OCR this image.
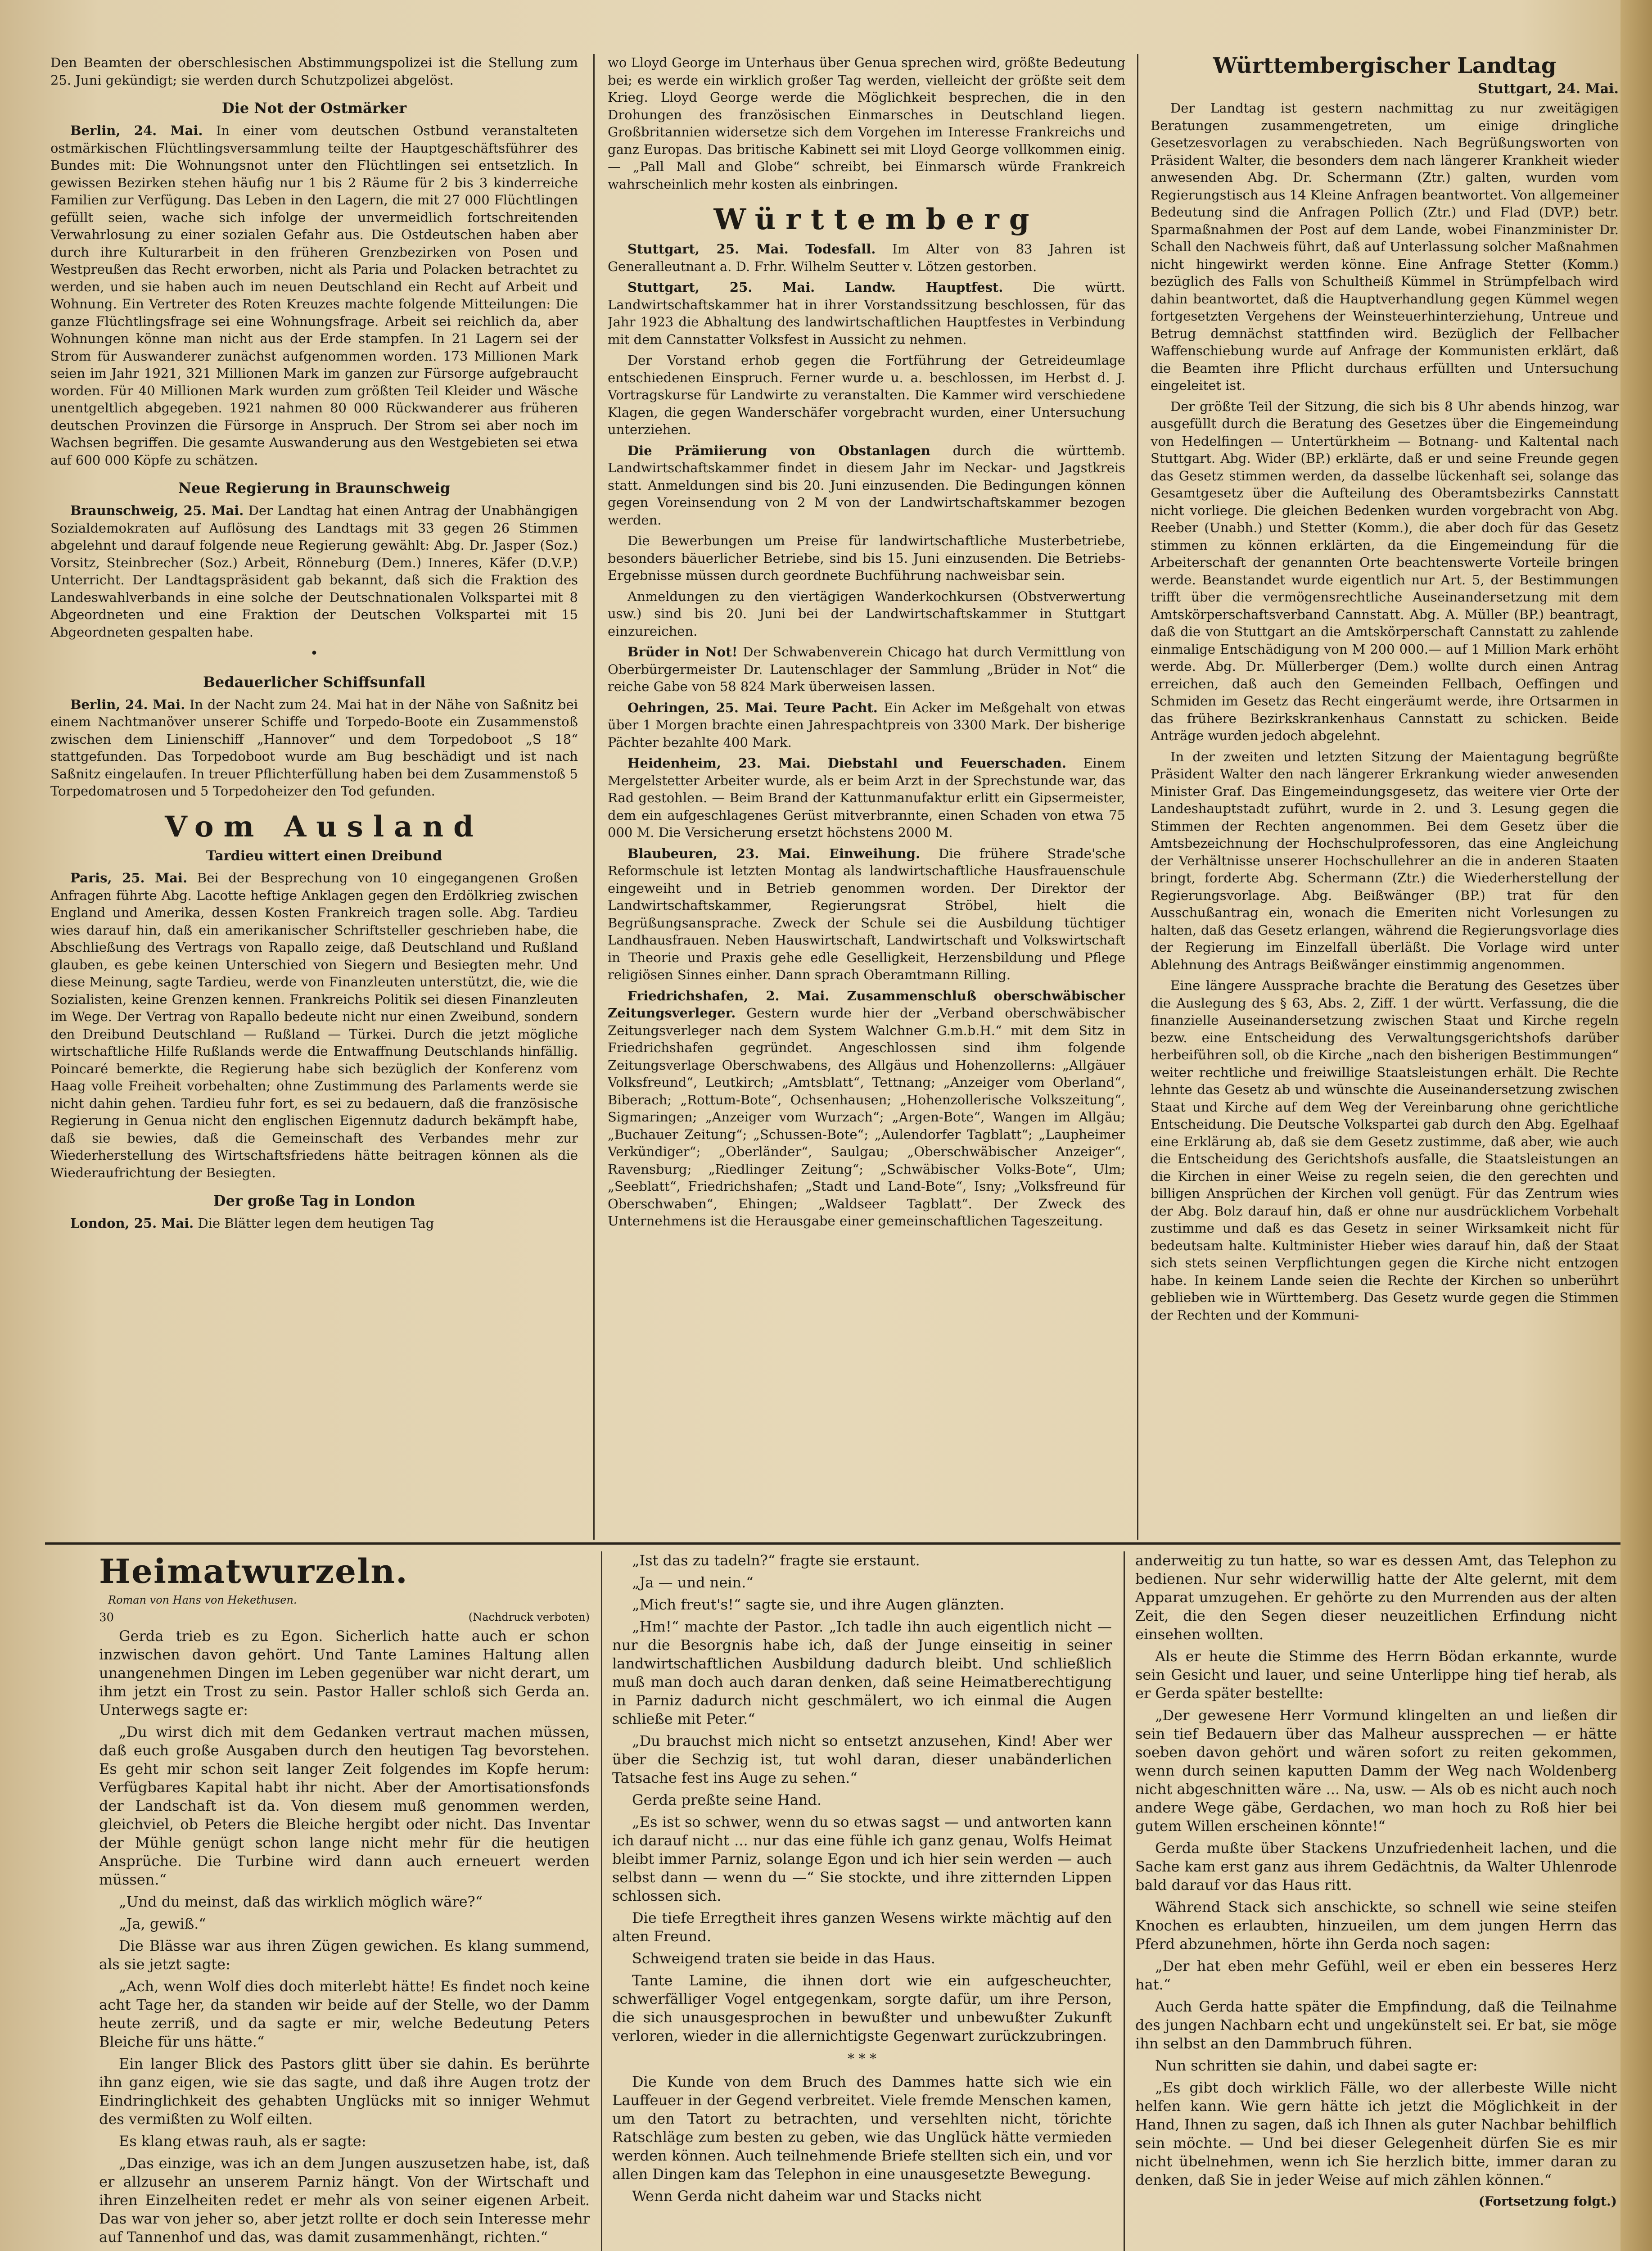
Den Beamten der oberschlesischen Abstimmungspolizei ist die Stellung zum 25. Juni gekündigt; sie werden durch Schutzpolizei abgelöst.

Die Not der Ostmärker

Berlin, 24. Mai. In einer vom deutschen Ostbund veranstalteten ostmärkischen Flüchtlingsversammlung teilte der Hauptgeschäftsführer des Bundes mit: Die Wohnungsnot unter den Flüchtlingen sei entsetzlich. In gewissen Bezirken stehen häufig nur 1 bis 2 Räume für 2 bis 3 kinderreiche Familien zur Verfügung. Das Leben in den Lagern, die mit 27 000 Flüchtlingen gefüllt seien, wache sich infolge der unvermeidlich fortschreitenden Verwahrlosung zu einer sozialen Gefahr aus. Die Ostdeutschen haben aber durch ihre Kulturarbeit in den früheren Grenzbezirken von Posen und Westpreußen das Recht erworben, nicht als Paria und Polacken betrachtet zu werden, und sie haben auch im neuen Deutschland ein Recht auf Arbeit und Wohnung. Ein Vertreter des Roten Kreuzes machte folgende Mitteilungen: Die ganze Flüchtlingsfrage sei eine Wohnungsfrage. Arbeit sei reichlich da, aber Wohnungen könne man nicht aus der Erde stampfen. In 21 Lagern sei der Strom für Auswanderer zunächst aufgenommen worden. 173 Millionen Mark seien im Jahr 1921, 321 Millionen Mark im ganzen zur Fürsorge aufgebraucht worden. Für 40 Millionen Mark wurden zum größten Teil Kleider und Wäsche unentgeltlich abgegeben. 1921 nahmen 80 000 Rückwanderer aus früheren deutschen Provinzen die Fürsorge in Anspruch. Der Strom sei aber noch im Wachsen begriffen. Die gesamte Auswanderung aus den Westgebieten sei etwa auf 600 000 Köpfe zu schätzen.

Neue Regierung in Braunschweig

Braunschweig, 25. Mai. Der Landtag hat einen Antrag der Unabhängigen Sozialdemokraten auf Auflösung des Landtags mit 33 gegen 26 Stimmen abgelehnt und darauf folgende neue Regierung gewählt: Abg. Dr. Jasper (Soz.) Vorsitz, Steinbrecher (Soz.) Arbeit, Rönneburg (Dem.) Inneres, Käfer (D.V.P.) Unterricht. Der Landtagspräsident gab bekannt, daß sich die Fraktion des Landeswahlverbands in eine solche der Deutschnationalen Volkspartei mit 8 Abgeordneten und eine Fraktion der Deutschen Volkspartei mit 15 Abgeordneten gespalten habe.

•

Bedauerlicher Schiffsunfall

Berlin, 24. Mai. In der Nacht zum 24. Mai hat in der Nähe von Saßnitz bei einem Nachtmanöver unserer Schiffe und Torpedo-Boote ein Zusammenstoß zwischen dem Linienschiff „Hannover“ und dem Torpedoboot „S 18“ stattgefunden. Das Torpedoboot wurde am Bug beschädigt und ist nach Saßnitz eingelaufen. In treuer Pflichterfüllung haben bei dem Zusammenstoß 5 Torpedomatrosen und 5 Torpedoheizer den Tod gefunden.

Vom Ausland

Tardieu wittert einen Dreibund

Paris, 25. Mai. Bei der Besprechung von 10 eingegangenen Großen Anfragen führte Abg. Lacotte heftige Anklagen gegen den Erdölkrieg zwischen England und Amerika, dessen Kosten Frankreich tragen solle. Abg. Tardieu wies darauf hin, daß ein amerikanischer Schriftsteller geschrieben habe, die Abschließung des Vertrags von Rapallo zeige, daß Deutschland und Rußland glauben, es gebe keinen Unterschied von Siegern und Besiegten mehr. Und diese Meinung, sagte Tardieu, werde von Finanzleuten unterstützt, die, wie die Sozialisten, keine Grenzen kennen. Frankreichs Politik sei diesen Finanzleuten im Wege. Der Vertrag von Rapallo bedeute nicht nur einen Zweibund, sondern den Dreibund Deutschland — Rußland — Türkei. Durch die jetzt mögliche wirtschaftliche Hilfe Rußlands werde die Entwaffnung Deutschlands hinfällig. Poincaré bemerkte, die Regierung habe sich bezüglich der Konferenz vom Haag volle Freiheit vorbehalten; ohne Zustimmung des Parlaments werde sie nicht dahin gehen. Tardieu fuhr fort, es sei zu bedauern, daß die französische Regierung in Genua nicht den englischen Eigennutz dadurch bekämpft habe, daß sie bewies, daß die Gemeinschaft des Verbandes mehr zur Wiederherstellung des Wirtschaftsfriedens hätte beitragen können als die Wiederaufrichtung der Besiegten.

Der große Tag in London

London, 25. Mai. Die Blätter legen dem heutigen Tag

wo Lloyd George im Unterhaus über Genua sprechen wird, größte Bedeutung bei; es werde ein wirklich großer Tag werden, vielleicht der größte seit dem Krieg. Lloyd George werde die Möglichkeit besprechen, die in den Drohungen des französischen Einmarsches in Deutschland liegen. Großbritannien widersetze sich dem Vorgehen im Interesse Frankreichs und ganz Europas. Das britische Kabinett sei mit Lloyd George vollkommen einig. — „Pall Mall and Globe“ schreibt, bei Einmarsch würde Frankreich wahrscheinlich mehr kosten als einbringen.

Württemberg

Stuttgart, 25. Mai. Todesfall. Im Alter von 83 Jahren ist Generalleutnant a. D. Frhr. Wilhelm Seutter v. Lötzen gestorben.

Stuttgart, 25. Mai. Landw. Hauptfest. Die württ. Landwirtschaftskammer hat in ihrer Vorstandssitzung beschlossen, für das Jahr 1923 die Abhaltung des landwirtschaftlichen Hauptfestes in Verbindung mit dem Cannstatter Volksfest in Aussicht zu nehmen.

Der Vorstand erhob gegen die Fortführung der Getreideumlage entschiedenen Einspruch. Ferner wurde u. a. beschlossen, im Herbst d. J. Vortragskurse für Landwirte zu veranstalten. Die Kammer wird verschiedene Klagen, die gegen Wanderschäfer vorgebracht wurden, einer Untersuchung unterziehen.

Die Prämiierung von Obstanlagen durch die württemb. Landwirtschaftskammer findet in diesem Jahr im Neckar- und Jagstkreis statt. Anmeldungen sind bis 20. Juni einzusenden. Die Bedingungen können gegen Voreinsendung von 2 M von der Landwirtschaftskammer bezogen werden.

Die Bewerbungen um Preise für landwirtschaftliche Musterbetriebe, besonders bäuerlicher Betriebe, sind bis 15. Juni einzusenden. Die Betriebs-Ergebnisse müssen durch geordnete Buchführung nachweisbar sein.

Anmeldungen zu den viertägigen Wanderkochkursen (Obstverwertung usw.) sind bis 20. Juni bei der Landwirtschaftskammer in Stuttgart einzureichen.

Brüder in Not! Der Schwabenverein Chicago hat durch Vermittlung von Oberbürgermeister Dr. Lautenschlager der Sammlung „Brüder in Not“ die reiche Gabe von 58 824 Mark überweisen lassen.

Oehringen, 25. Mai. Teure Pacht. Ein Acker im Meßgehalt von etwas über 1 Morgen brachte einen Jahrespachtpreis von 3300 Mark. Der bisherige Pächter bezahlte 400 Mark.

Heidenheim, 23. Mai. Diebstahl und Feuerschaden. Einem Mergelstetter Arbeiter wurde, als er beim Arzt in der Sprechstunde war, das Rad gestohlen. — Beim Brand der Kattunmanufaktur erlitt ein Gipsermeister, dem ein aufgeschlagenes Gerüst mitverbrannte, einen Schaden von etwa 75 000 M. Die Versicherung ersetzt höchstens 2000 M.

Blaubeuren, 23. Mai. Einweihung. Die frühere Strade'sche Reformschule ist letzten Montag als landwirtschaftliche Hausfrauenschule eingeweiht und in Betrieb genommen worden. Der Direktor der Landwirtschaftskammer, Regierungsrat Ströbel, hielt die Begrüßungsansprache. Zweck der Schule sei die Ausbildung tüchtiger Landhausfrauen. Neben Hauswirtschaft, Landwirtschaft und Volkswirtschaft in Theorie und Praxis gehe edle Geselligkeit, Herzensbildung und Pflege religiösen Sinnes einher. Dann sprach Oberamtmann Rilling.

Friedrichshafen, 2. Mai. Zusammenschluß oberschwäbischer Zeitungsverleger. Gestern wurde hier der „Verband oberschwäbischer Zeitungsverleger nach dem System Walchner G.m.b.H.“ mit dem Sitz in Friedrichshafen gegründet. Angeschlossen sind ihm folgende Zeitungsverlage Oberschwabens, des Allgäus und Hohenzollerns: „Allgäuer Volksfreund“, Leutkirch; „Amtsblatt“, Tettnang; „Anzeiger vom Oberland“, Biberach; „Rottum-Bote“, Ochsenhausen; „Hohenzollerische Volkszeitung“, Sigmaringen; „Anzeiger vom Wurzach“; „Argen-Bote“, Wangen im Allgäu; „Buchauer Zeitung“; „Schussen-Bote“; „Aulendorfer Tagblatt“; „Laupheimer Verkündiger“; „Oberländer“, Saulgau; „Oberschwäbischer Anzeiger“, Ravensburg; „Riedlinger Zeitung“; „Schwäbischer Volks-Bote“, Ulm; „Seeblatt“, Friedrichshafen; „Stadt und Land-Bote“, Isny; „Volksfreund für Oberschwaben“, Ehingen; „Waldseer Tagblatt“. Der Zweck des Unternehmens ist die Herausgabe einer gemeinschaftlichen Tageszeitung.

Württembergischer Landtag
Stuttgart, 24. Mai.

Der Landtag ist gestern nachmittag zu nur zweitägigen Beratungen zusammengetreten, um einige dringliche Gesetzesvorlagen zu verabschieden. Nach Begrüßungsworten von Präsident Walter, die besonders dem nach längerer Krankheit wieder anwesenden Abg. Dr. Schermann (Ztr.) galten, wurden vom Regierungstisch aus 14 Kleine Anfragen beantwortet. Von allgemeiner Bedeutung sind die Anfragen Pollich (Ztr.) und Flad (DVP.) betr. Sparmaßnahmen der Post auf dem Lande, wobei Finanzminister Dr. Schall den Nachweis führt, daß auf Unterlassung solcher Maßnahmen nicht hingewirkt werden könne. Eine Anfrage Stetter (Komm.) bezüglich des Falls von Schultheiß Kümmel in Strümpfelbach wird dahin beantwortet, daß die Hauptverhandlung gegen Kümmel wegen fortgesetzten Vergehens der Weinsteuerhinterziehung, Untreue und Betrug demnächst stattfinden wird. Bezüglich der Fellbacher Waffenschiebung wurde auf Anfrage der Kommunisten erklärt, daß die Beamten ihre Pflicht durchaus erfüllten und Untersuchung eingeleitet ist.

Der größte Teil der Sitzung, die sich bis 8 Uhr abends hinzog, war ausgefüllt durch die Beratung des Gesetzes über die Eingemeindung von Hedelfingen — Untertürkheim — Botnang- und Kaltental nach Stuttgart. Abg. Wider (BP.) erklärte, daß er und seine Freunde gegen das Gesetz stimmen werden, da dasselbe lückenhaft sei, solange das Gesamtgesetz über die Aufteilung des Oberamtsbezirks Cannstatt nicht vorliege. Die gleichen Bedenken wurden vorgebracht von Abg. Reeber (Unabh.) und Stetter (Komm.), die aber doch für das Gesetz stimmen zu können erklärten, da die Eingemeindung für die Arbeiterschaft der genannten Orte beachtenswerte Vorteile bringen werde. Beanstandet wurde eigentlich nur Art. 5, der Bestimmungen trifft über die vermögensrechtliche Auseinandersetzung mit dem Amtskörperschaftsverband Cannstatt. Abg. A. Müller (BP.) beantragt, daß die von Stuttgart an die Amtskörperschaft Cannstatt zu zahlende einmalige Entschädigung von M 200 000.— auf 1 Million Mark erhöht werde. Abg. Dr. Müllerberger (Dem.) wollte durch einen Antrag erreichen, daß auch den Gemeinden Fellbach, Oeffingen und Schmiden im Gesetz das Recht eingeräumt werde, ihre Ortsarmen in das frühere Bezirkskrankenhaus Cannstatt zu schicken. Beide Anträge wurden jedoch abgelehnt.

In der zweiten und letzten Sitzung der Maientagung begrüßte Präsident Walter den nach längerer Erkrankung wieder anwesenden Minister Graf. Das Eingemeindungsgesetz, das weitere vier Orte der Landeshauptstadt zuführt, wurde in 2. und 3. Lesung gegen die Stimmen der Rechten angenommen. Bei dem Gesetz über die Amtsbezeichnung der Hochschulprofessoren, das eine Angleichung der Verhältnisse unserer Hochschullehrer an die in anderen Staaten bringt, forderte Abg. Schermann (Ztr.) die Wiederherstellung der Regierungsvorlage. Abg. Beißwänger (BP.) trat für den Ausschußantrag ein, wonach die Emeriten nicht Vorlesungen zu halten, daß das Gesetz erlangen, während die Regierungsvorlage dies der Regierung im Einzelfall überläßt. Die Vorlage wird unter Ablehnung des Antrags Beißwänger einstimmig angenommen.

Eine längere Aussprache brachte die Beratung des Gesetzes über die Auslegung des § 63, Abs. 2, Ziff. 1 der württ. Verfassung, die die finanzielle Auseinandersetzung zwischen Staat und Kirche regeln bezw. eine Entscheidung des Verwaltungsgerichtshofs darüber herbeiführen soll, ob die Kirche „nach den bisherigen Bestimmungen“ weiter rechtliche und freiwillige Staatsleistungen erhält. Die Rechte lehnte das Gesetz ab und wünschte die Auseinandersetzung zwischen Staat und Kirche auf dem Weg der Vereinbarung ohne gerichtliche Entscheidung. Die Deutsche Volkspartei gab durch den Abg. Egelhaaf eine Erklärung ab, daß sie dem Gesetz zustimme, daß aber, wie auch die Entscheidung des Gerichtshofs ausfalle, die Staatsleistungen an die Kirchen in einer Weise zu regeln seien, die den gerechten und billigen Ansprüchen der Kirchen voll genügt. Für das Zentrum wies der Abg. Bolz darauf hin, daß er ohne nur ausdrücklichem Vorbehalt zustimme und daß es das Gesetz in seiner Wirksamkeit nicht für bedeutsam halte. Kultminister Hieber wies darauf hin, daß der Staat sich stets seinen Verpflichtungen gegen die Kirche nicht entzogen habe. In keinem Lande seien die Rechte der Kirchen so unberührt geblieben wie in Württemberg. Das Gesetz wurde gegen die Stimmen der Rechten und der Kommuni-

Heimatwurzeln.
Roman von Hans von Hekethusen.
30	(Nachdruck verboten)

Gerda trieb es zu Egon. Sicherlich hatte auch er schon inzwischen davon gehört. Und Tante Lamines Haltung allen unangenehmen Dingen im Leben gegenüber war nicht derart, um ihm jetzt ein Trost zu sein. Pastor Haller schloß sich Gerda an. Unterwegs sagte er:

„Du wirst dich mit dem Gedanken vertraut machen müssen, daß euch große Ausgaben durch den heutigen Tag bevorstehen. Es geht mir schon seit langer Zeit folgendes im Kopfe herum: Verfügbares Kapital habt ihr nicht. Aber der Amortisationsfonds der Landschaft ist da. Von diesem muß genommen werden, gleichviel, ob Peters die Bleiche hergibt oder nicht. Das Inventar der Mühle genügt schon lange nicht mehr für die heutigen Ansprüche. Die Turbine wird dann auch erneuert werden müssen.“

„Und du meinst, daß das wirklich möglich wäre?“

„Ja, gewiß.“

Die Blässe war aus ihren Zügen gewichen. Es klang summend, als sie jetzt sagte:

„Ach, wenn Wolf dies doch miterlebt hätte! Es findet noch keine acht Tage her, da standen wir beide auf der Stelle, wo der Damm heute zerriß, und da sagte er mir, welche Bedeutung Peters Bleiche für uns hätte.“

Ein langer Blick des Pastors glitt über sie dahin. Es berührte ihn ganz eigen, wie sie das sagte, und daß ihre Augen trotz der Eindringlichkeit des gehabten Unglücks mit so inniger Wehmut des vermißten zu Wolf eilten.

Es klang etwas rauh, als er sagte:

„Das einzige, was ich an dem Jungen auszusetzen habe, ist, daß er allzusehr an unserem Parniz hängt. Von der Wirtschaft und ihren Einzelheiten redet er mehr als von seiner eigenen Arbeit. Das war von jeher so, aber jetzt rollte er doch sein Interesse mehr auf Tannenhof und das, was damit zusammenhängt, richten.“

„Ist das zu tadeln?“ fragte sie erstaunt.

„Ja — und nein.“

„Mich freut's!“ sagte sie, und ihre Augen glänzten.

„Hm!“ machte der Pastor. „Ich tadle ihn auch eigentlich nicht — nur die Besorgnis habe ich, daß der Junge einseitig in seiner landwirtschaftlichen Ausbildung dadurch bleibt. Und schließlich muß man doch auch daran denken, daß seine Heimatberechtigung in Parniz dadurch nicht geschmälert, wo ich einmal die Augen schließe mit Peter.“

„Du brauchst mich nicht so entsetzt anzusehen, Kind! Aber wer über die Sechzig ist, tut wohl daran, dieser unabänderlichen Tatsache fest ins Auge zu sehen.“

Gerda preßte seine Hand.

„Es ist so schwer, wenn du so etwas sagst — und antworten kann ich darauf nicht ... nur das eine fühle ich ganz genau, Wolfs Heimat bleibt immer Parniz, solange Egon und ich hier sein werden — auch selbst dann — wenn du —“ Sie stockte, und ihre zitternden Lippen schlossen sich.

Die tiefe Erregtheit ihres ganzen Wesens wirkte mächtig auf den alten Freund.

Schweigend traten sie beide in das Haus.

Tante Lamine, die ihnen dort wie ein aufgescheuchter, schwerfälliger Vogel entgegenkam, sorgte dafür, um ihre Person, die sich unausgesprochen in bewußter und unbewußter Zukunft verloren, wieder in die allernichtigste Gegenwart zurückzubringen.

* * *

Die Kunde von dem Bruch des Dammes hatte sich wie ein Lauffeuer in der Gegend verbreitet. Viele fremde Menschen kamen, um den Tatort zu betrachten, und versehlten nicht, törichte Ratschläge zum besten zu geben, wie das Unglück hätte vermieden werden können. Auch teilnehmende Briefe stellten sich ein, und vor allen Dingen kam das Telephon in eine unausgesetzte Bewegung.

Wenn Gerda nicht daheim war und Stacks nicht

anderweitig zu tun hatte, so war es dessen Amt, das Telephon zu bedienen. Nur sehr widerwillig hatte der Alte gelernt, mit dem Apparat umzugehen. Er gehörte zu den Murrenden aus der alten Zeit, die den Segen dieser neuzeitlichen Erfindung nicht einsehen wollten.

Als er heute die Stimme des Herrn Bödan erkannte, wurde sein Gesicht und lauer, und seine Unterlippe hing tief herab, als er Gerda später bestellte:

„Der gewesene Herr Vormund klingelten an und ließen dir sein tief Bedauern über das Malheur aussprechen — er hätte soeben davon gehört und wären sofort zu reiten gekommen, wenn durch seinen kaputten Damm der Weg nach Woldenberg nicht abgeschnitten wäre ... Na, usw. — Als ob es nicht auch noch andere Wege gäbe, Gerdachen, wo man hoch zu Roß hier bei gutem Willen erscheinen könnte!“

Gerda mußte über Stackens Unzufriedenheit lachen, und die Sache kam erst ganz aus ihrem Gedächtnis, da Walter Uhlenrode bald darauf vor das Haus ritt.

Während Stack sich anschickte, so schnell wie seine steifen Knochen es erlaubten, hinzueilen, um dem jungen Herrn das Pferd abzunehmen, hörte ihn Gerda noch sagen:

„Der hat eben mehr Gefühl, weil er eben ein besseres Herz hat.“

Auch Gerda hatte später die Empfindung, daß die Teilnahme des jungen Nachbarn echt und ungekünstelt sei. Er bat, sie möge ihn selbst an den Dammbruch führen.

Nun schritten sie dahin, und dabei sagte er:

„Es gibt doch wirklich Fälle, wo der allerbeste Wille nicht helfen kann. Wie gern hätte ich jetzt die Möglichkeit in der Hand, Ihnen zu sagen, daß ich Ihnen als guter Nachbar behilflich sein möchte. — Und bei dieser Gelegenheit dürfen Sie es mir nicht übelnehmen, wenn ich Sie herzlich bitte, immer daran zu denken, daß Sie in jeder Weise auf mich zählen können.“

(Fortsetzung folgt.)
